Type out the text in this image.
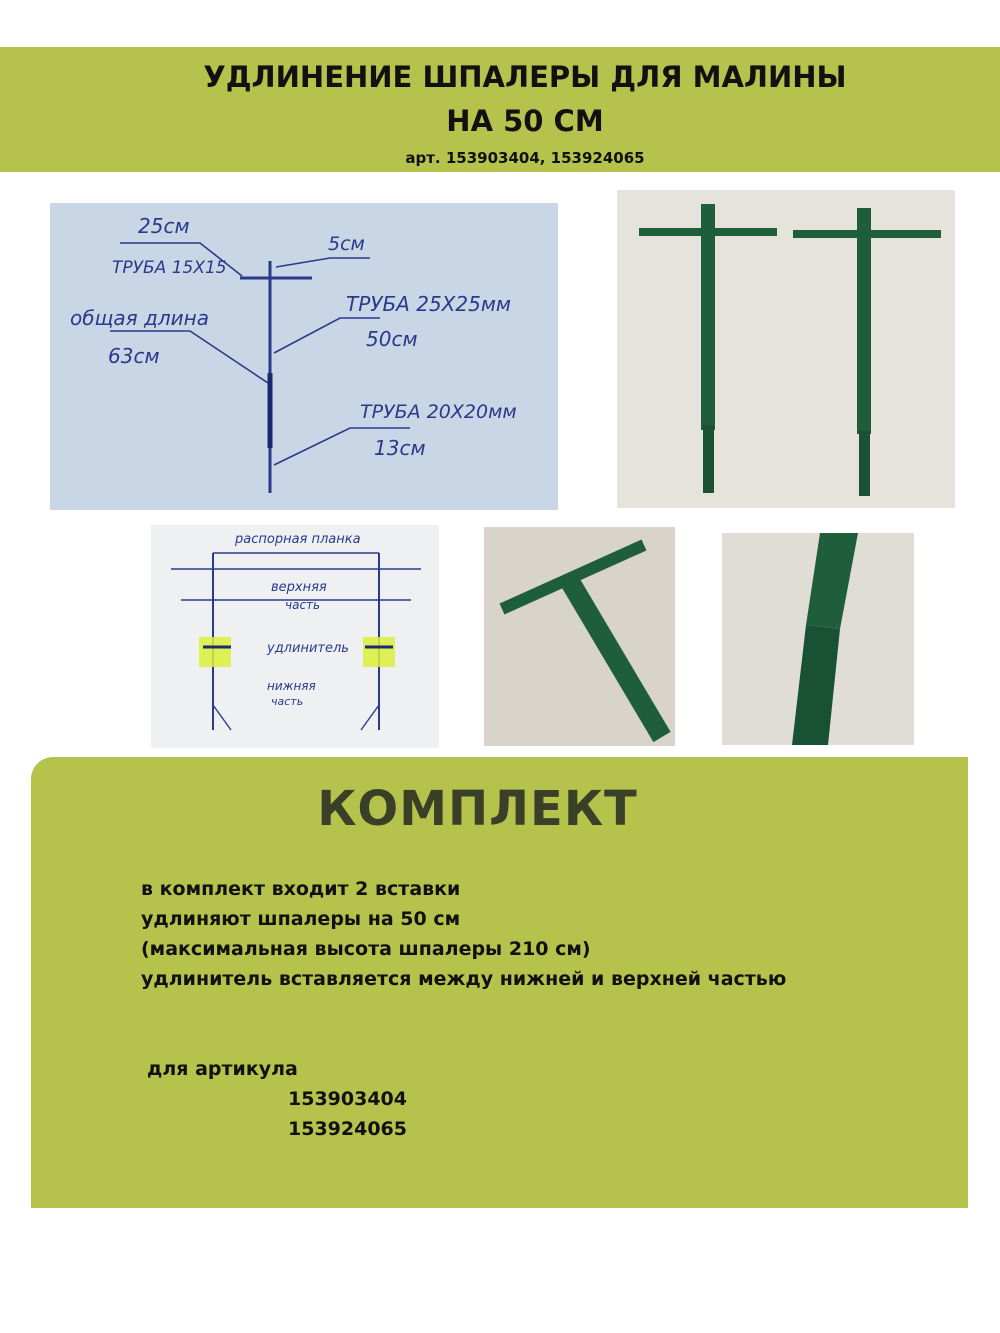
УДЛИНЕНИЕ ШПАЛЕРЫ ДЛЯ МАЛИНЫ
НА 50 СМ
арт. 153903404, 153924065
25см
ТРУБА 15Х15
5см
общая длина
63см
ТРУБА 25Х25мм
50см
ТРУБА 20Х20мм
13см
распорная планка
верхняя
часть
удлинитель
нижняя
часть
КОМПЛЕКТ
в комплект входит 2 вставки
удлиняют шпалеры на 50 см
(максимальная высота шпалеры 210 см)
удлинитель вставляется между нижней и верхней частью
для артикула
153903404
153924065
